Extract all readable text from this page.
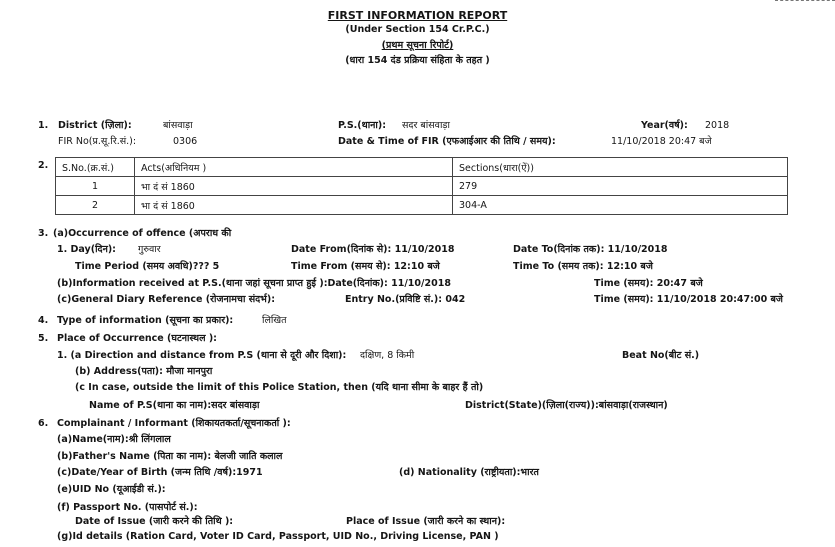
FIRST INFORMATION REPORT
(Under Section 154 Cr.P.C.)
(प्रथम सूचना रिपोर्ट)
(धारा 154 दंड प्रक्रिया संहिता के तहत )
1. District (ज़िला):	बांसवाड़ा	P.S.(थाना): सदर बांसवाड़ा	Year(वर्ष): 2018
FIR No(प्र.सू.रि.सं.):	0306	Date & Time of FIR (एफआईआर की तिथि / समय):	11/10/2018 20:47 बजे
2. S.No.(क्र.सं.)	Acts(अधिनियम )	Sections(धारा(ऐं))
1	भा दं सं 1860	279
2	भा दं सं 1860	304-A
3. (a)Occurrence of offence (अपराध की
1. Day(दिन): गुरुवार	Date From(दिनांक से): 11/10/2018	Date To(दिनांक तक): 11/10/2018
Time Period (समय अवधि)??? 5	Time From (समय से): 12:10 बजे	Time To (समय तक): 12:10 बजे
(b)Information received at P.S.(थाना जहां सूचना प्राप्त हुई ):Date(दिनांक): 11/10/2018	Time (समय): 20:47 बजे
(c)General Diary Reference (रोजनामचा संदर्भ):	Entry No.(प्रविष्टि सं.): 042	Time (समय): 11/10/2018 20:47:00 बजे
4. Type of information (सूचना का प्रकार):	लिखित
5. Place of Occurrence (घटनास्थल ):
1. (a Direction and distance from P.S (थाना से दूरी और दिशा): दक्षिण, 8 किमी	Beat No(बीट सं.)
(b) Address(पता): मौजा मानपुरा
(c In case, outside the limit of this Police Station, then (यदि थाना सीमा के बाहर हैं तो)
Name of P.S(थाना का नाम):सदर बांसवाड़ा	District(State)(ज़िला(राज्य)):बांसवाड़ा(राजस्थान)
6. Complainant / Informant (शिकायतकर्ता/सूचनाकर्ता ):
(a)Name(नाम):श्री लिंगलाल
(b)Father's Name (पिता का नाम): बेलजी जाति कलाल
(c)Date/Year of Birth (जन्म तिथि /वर्ष):1971	(d) Nationality (राष्ट्रीयता):भारत
(e)UID No (यूआईडी सं.):
(f) Passport No. (पासपोर्ट सं.):
Date of Issue (जारी करने की तिथि ):	Place of Issue (जारी करने का स्थान):
(g)Id details (Ration Card, Voter ID Card, Passport, UID No., Driving License, PAN )
